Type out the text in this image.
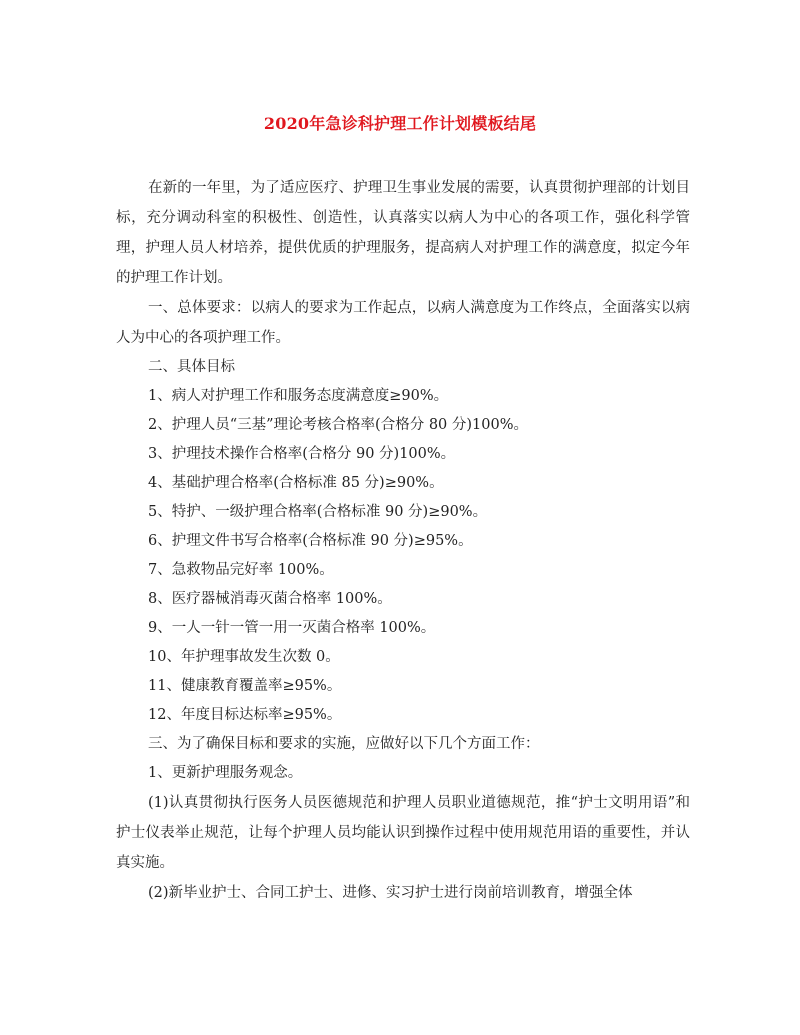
2020年急诊科护理工作计划模板结尾

在新的一年里，为了适应医疗、护理卫生事业发展的需要，认真贯彻护理部的计划目标，充分调动科室的积极性、创造性，认真落实以病人为中心的各项工作，强化科学管理，护理人员人材培养，提供优质的护理服务，提高病人对护理工作的满意度，拟定今年的护理工作计划。

一、总体要求：以病人的要求为工作起点，以病人满意度为工作终点，全面落实以病人为中心的各项护理工作。

二、具体目标

1、病人对护理工作和服务态度满意度≥90%。

2、护理人员“三基”理论考核合格率(合格分 80 分)100%。

3、护理技术操作合格率(合格分 90 分)100%。

4、基础护理合格率(合格标准 85 分)≥90%。

5、特护、一级护理合格率(合格标准 90 分)≥90%。

6、护理文件书写合格率(合格标准 90 分)≥95%。

7、急救物品完好率 100%。

8、医疗器械消毒灭菌合格率 100%。

9、一人一针一管一用一灭菌合格率 100%。

10、年护理事故发生次数 0。

11、健康教育覆盖率≥95%。

12、年度目标达标率≥95%。

三、为了确保目标和要求的实施，应做好以下几个方面工作：

1、更新护理服务观念。

(1)认真贯彻执行医务人员医德规范和护理人员职业道德规范，推“护士文明用语”和护士仪表举止规范，让每个护理人员均能认识到操作过程中使用规范用语的重要性，并认真实施。

(2)新毕业护士、合同工护士、进修、实习护士进行岗前培训教育，增强全体
